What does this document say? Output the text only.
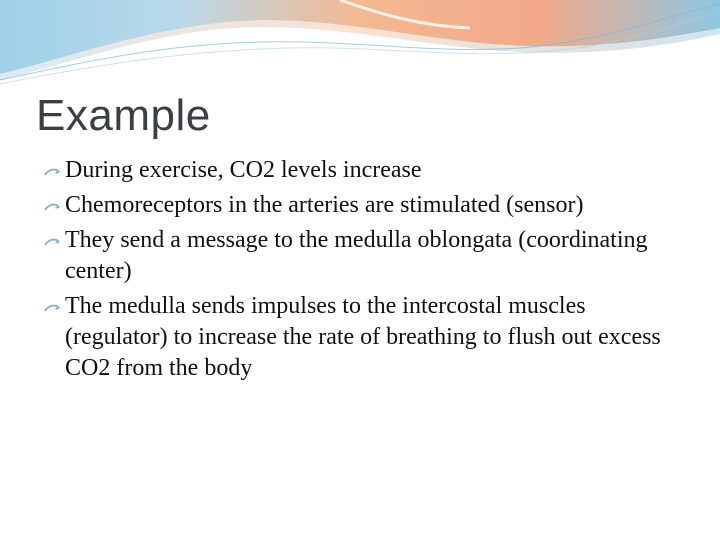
Example
During exercise, CO2 levels increase
Chemoreceptors in the arteries are stimulated (sensor)
They send a message to the medulla oblongata (coordinating center)
The medulla sends impulses to the intercostal muscles (regulator) to increase the rate of breathing to flush out excess CO2 from the body
